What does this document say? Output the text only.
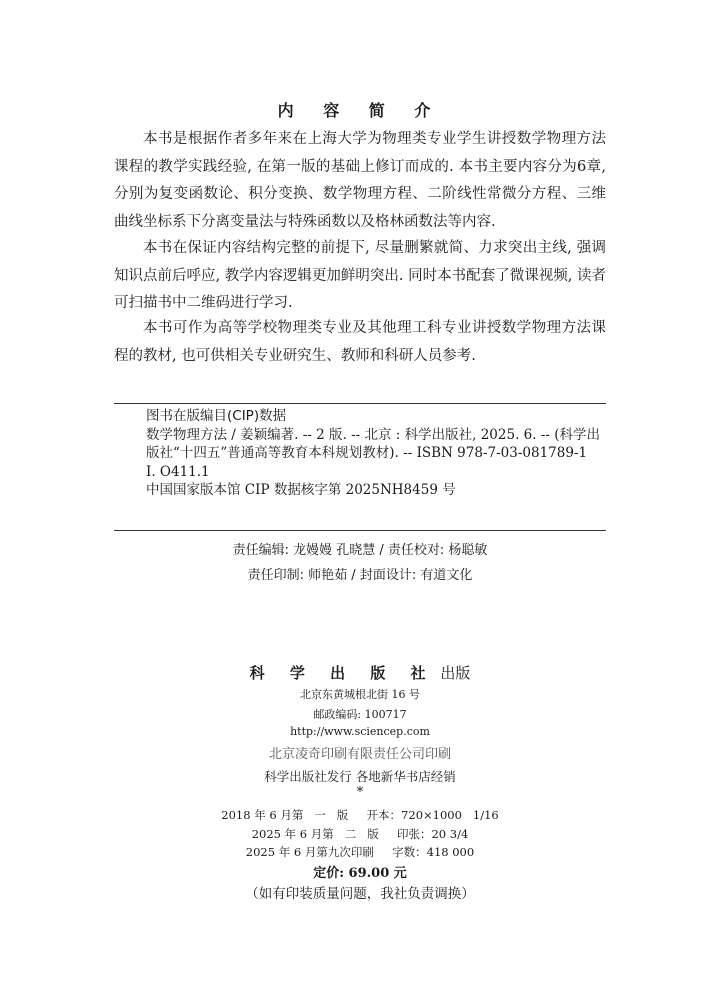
内 容 简 介

本书是根据作者多年来在上海大学为物理类专业学生讲授数学物理方法课程的教学实践经验, 在第一版的基础上修订而成的. 本书主要内容分为6章, 分别为复变函数论、积分变换、数学物理方程、二阶线性常微分方程、三维曲线坐标系下分离变量法与特殊函数以及格林函数法等内容.

本书在保证内容结构完整的前提下, 尽量删繁就简、力求突出主线, 强调知识点前后呼应, 教学内容逻辑更加鲜明突出. 同时本书配套了微课视频, 读者可扫描书中二维码进行学习.

本书可作为高等学校物理类专业及其他理工科专业讲授数学物理方法课程的教材, 也可供相关专业研究生、教师和科研人员参考.

图书在版编目(CIP)数据
数学物理方法 / 姜颖编著. -- 2 版. -- 北京 : 科学出版社, 2025. 6. -- (科学出版社“十四五”普通高等教育本科规划教材). -- ISBN 978-7-03-081789-1
Ⅰ. O411.1
中国国家版本馆 CIP 数据核字第 2025NH8459 号
责任编辑: 龙嫚嫚 孔晓慧 / 责任校对: 杨聪敏
责任印制: 师艳茹 / 封面设计: 有道文化
科 学 出 版 社 出版
北京东黄城根北街 16 号
邮政编码: 100717
http://www.sciencep.com
北京凌奇印刷有限责任公司印刷
科学出版社发行 各地新华书店经销
*
2018 年 6 月第   一   版     开本：720×1000   1/16
2025 年 6 月第   二   版     印张：20 3/4
2025 年 6 月第九次印刷     字数：418 000
定价: 69.00 元
（如有印装质量问题，我社负责调换）
